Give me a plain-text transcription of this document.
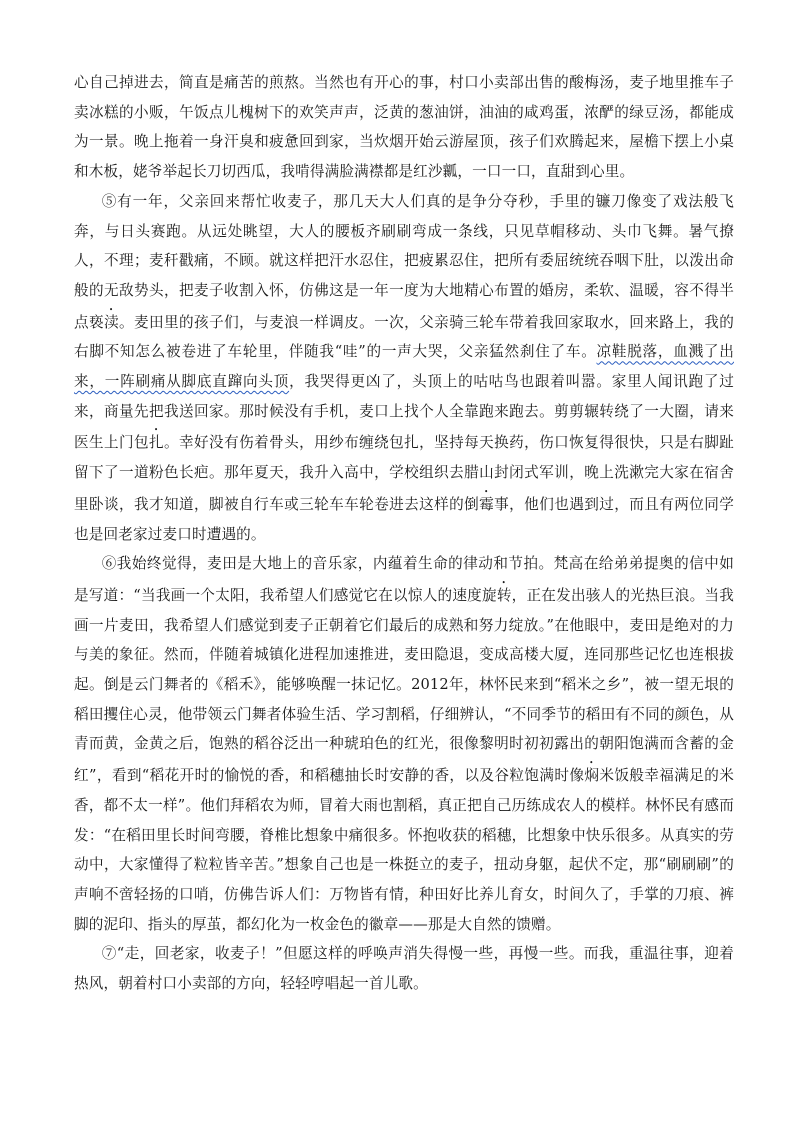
心自己掉进去，简直是痛苦的煎熬。当然也有开心的事，村口小卖部出售的酸梅汤，麦子地里推车子卖冰糕的小贩，午饭点儿槐树下的欢笑声声，泛黄的葱油饼，油油的咸鸡蛋，浓酽的绿豆汤，都能成为一景。晚上拖着一身汗臭和疲惫回到家，当炊烟开始云游屋顶，孩子们欢腾起来，屋檐下摆上小桌和木板，姥爷举起长刀切西瓜，我啃得满脸满襟都是红沙瓤，一口一口，直甜到心里。

⑤有一年，父亲回来帮忙收麦子，那几天大人们真的是争分夺秒，手里的镰刀像变了戏法般飞奔，与日头赛跑。从远处眺望，大人的腰板齐刷刷弯成一条线，只见草帽移动、头巾飞舞。暑气撩人，不理；麦秆戳痛，不顾。就这样把汗水忍住，把疲累忍住，把所有委屈统统吞咽下肚，以泼出命般的无敌势头，把麦子收割入怀，仿佛这是一年一度为大地精心布置的婚房，柔软、温暖，容不得半点亵渎。麦田里的孩子们，与麦浪一样调皮。一次，父亲骑三轮车带着我回家取水，回来路上，我的右脚不知怎么被卷进了车轮里，伴随我“哇”的一声大哭，父亲猛然刹住了车。凉鞋脱落，血溅了出来，一阵刷痛从脚底直蹿向头顶，我哭得更凶了，头顶上的咕咕鸟也跟着叫嚣。家里人闻讯跑了过来，商量先把我送回家。那时候没有手机，麦口上找个人全靠跑来跑去。剪剪辗转绕了一大圈，请来医生上门包扎。幸好没有伤着骨头，用纱布缠绕包扎，坚持每天换药，伤口恢复得很快，只是右脚趾留下了一道粉色长疤。那年夏天，我升入高中，学校组织去腊山封闭式军训，晚上洗漱完大家在宿舍里卧谈，我才知道，脚被自行车或三轮车车轮卷进去这样的倒霉事，他们也遇到过，而且有两位同学也是回老家过麦口时遭遇的。

⑥我始终觉得，麦田是大地上的音乐家，内蕴着生命的律动和节拍。梵高在给弟弟提奥的信中如是写道：“当我画一个太阳，我希望人们感觉它在以惊人的速度旋转，正在发出骇人的光热巨浪。当我画一片麦田，我希望人们感觉到麦子正朝着它们最后的成熟和努力绽放。”在他眼中，麦田是绝对的力与美的象征。然而，伴随着城镇化进程加速推进，麦田隐退，变成高楼大厦，连同那些记忆也连根拔起。倒是云门舞者的《稻禾》，能够唤醒一抹记忆。2012年，林怀民来到“稻米之乡”，被一望无垠的稻田攫住心灵，他带领云门舞者体验生活、学习割稻，仔细辨认，“不同季节的稻田有不同的颜色，从青而黄，金黄之后，饱熟的稻谷泛出一种琥珀色的红光，很像黎明时初初露出的朝阳饱满而含蓄的金红”，看到“稻花开时的愉悦的香，和稻穗抽长时安静的香，以及谷粒饱满时像焖米饭般幸福满足的米香，都不太一样”。他们拜稻农为师，冒着大雨也割稻，真正把自己历练成农人的模样。林怀民有感而发：“在稻田里长时间弯腰，脊椎比想象中痛很多。怀抱收获的稻穗，比想象中快乐很多。从真实的劳动中，大家懂得了粒粒皆辛苦。”想象自己也是一株挺立的麦子，扭动身躯，起伏不定，那“刷刷刷”的声响不啻轻扬的口哨，仿佛告诉人们：万物皆有情，种田好比养儿育女，时间久了，手掌的刀痕、裤脚的泥印、指头的厚茧，都幻化为一枚金色的徽章——那是大自然的馈赠。

⑦“走，回老家，收麦子！”但愿这样的呼唤声消失得慢一些，再慢一些。而我，重温往事，迎着热风，朝着村口小卖部的方向，轻轻哼唱起一首儿歌。
